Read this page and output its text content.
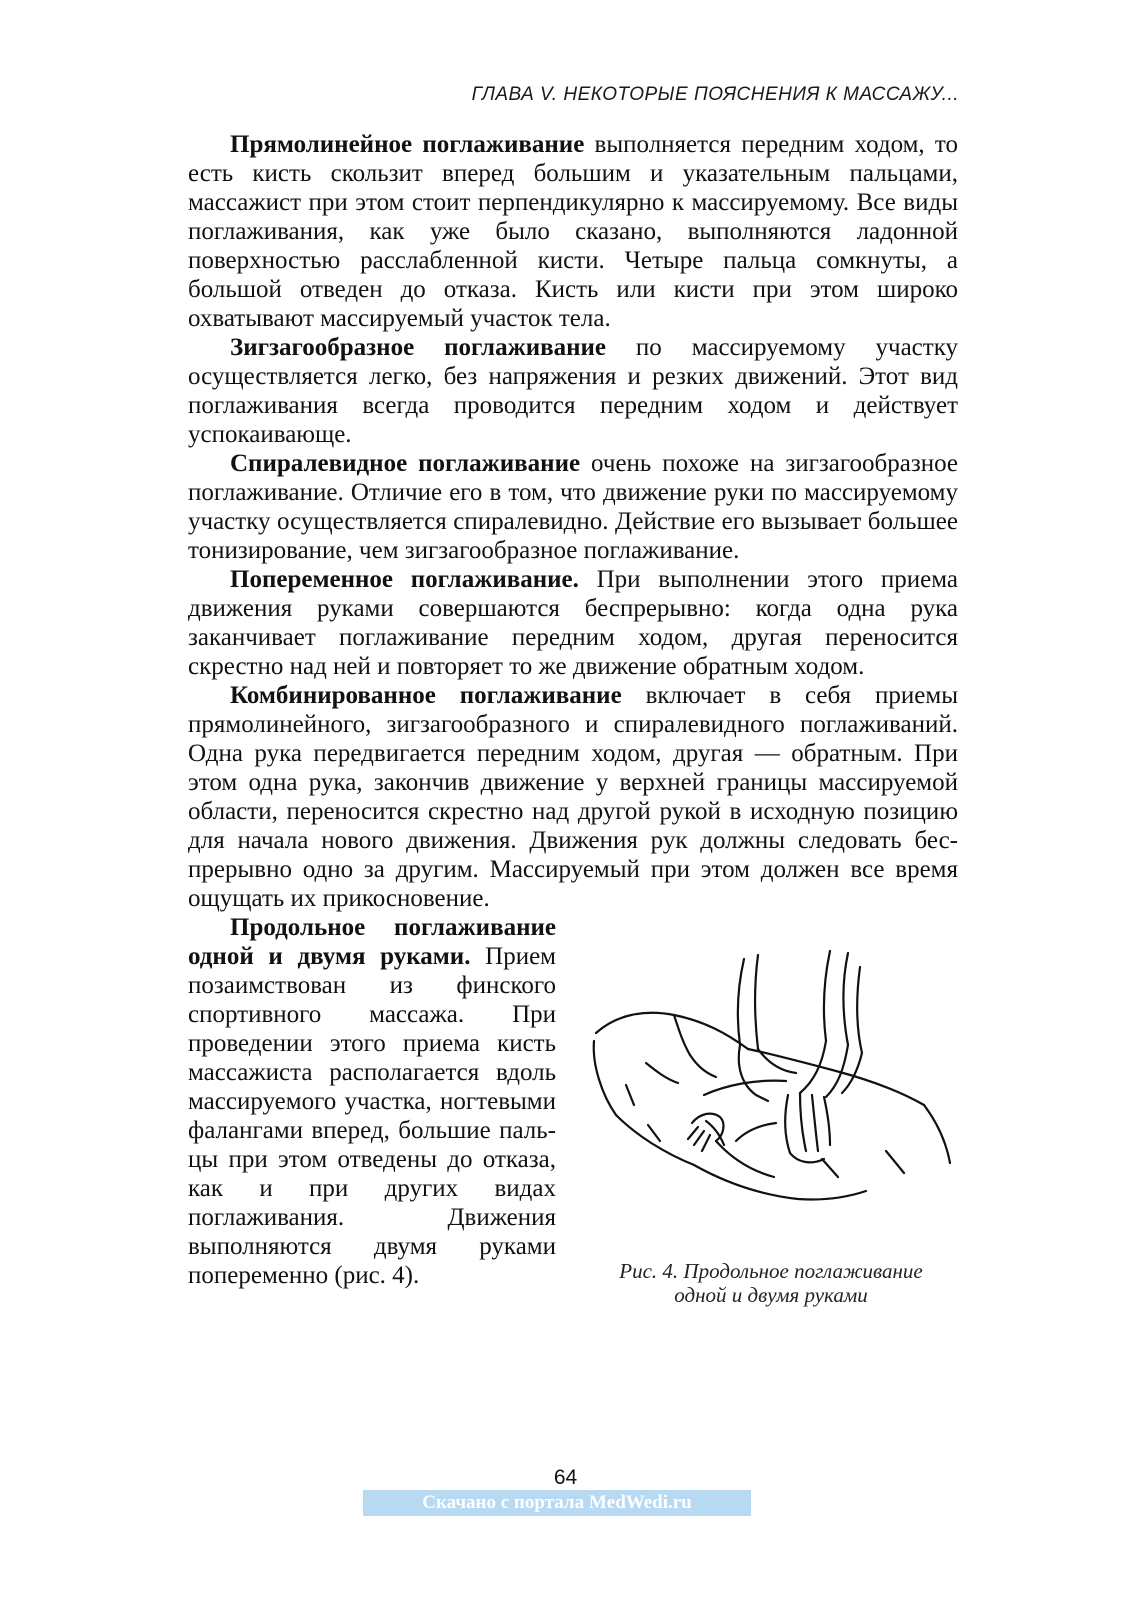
ГЛАВА V. НЕКОТОРЫЕ ПОЯСНЕНИЯ К МАССАЖУ...

Прямолинейное поглаживание выполняется передним ходом, то есть кисть скользит вперед большим и указательным пальцами, массажист при этом стоит перпендикулярно к массируемому. Все виды поглаживания, как уже было сказано, выполняются ладонной поверхностью расслабленной кисти. Четыре пальца сомкнуты, а большой отведен до отказа. Кисть или кисти при этом широко охватывают массируемый участок тела.

Зигзагообразное поглаживание по массируемому участку осуществляется легко, без напряжения и резких движений. Этот вид поглаживания всегда проводится передним ходом и действует успокаивающе.

Спиралевидное поглаживание очень похоже на зигзагообразное поглаживание. Отличие его в том, что движение руки по массируемому участку осуществляется спиралевидно. Действие его вызывает большее тонизирование, чем зигзагообразное поглаживание.

Попеременное поглаживание. При выполнении этого приема движения руками совершаются беспрерывно: когда одна рука заканчивает поглаживание передним ходом, другая переносится скрестно над ней и повторяет то же движение обратным ходом.

Комбинированное поглаживание включает в себя приемы прямолинейного, зигзагообразного и спиралевидного поглаживаний. Одна рука передвигается передним ходом, другая — обратным. При этом одна рука, закончив движение у верхней границы массируемой области, переносится скрестно над другой рукой в исходную позицию для начала нового движения. Движения рук должны следовать беспрерывно одно за другим. Массируемый при этом должен все время ощущать их прикосновение.

Продольное поглаживание одной и двумя руками. Прием позаимствован из финского спортивного массажа. При проведении этого приема кисть массажиста располагается вдоль массируемого участка, ногтевыми фалангами вперед, большие пальцы при этом отведены до отказа, как и при других видах поглаживания. Движения выполняются двумя руками попеременно (рис. 4).	Рис. 4. Продольное поглаживание
одной и двумя руками
64
Скачано с портала MedWedi.ru
